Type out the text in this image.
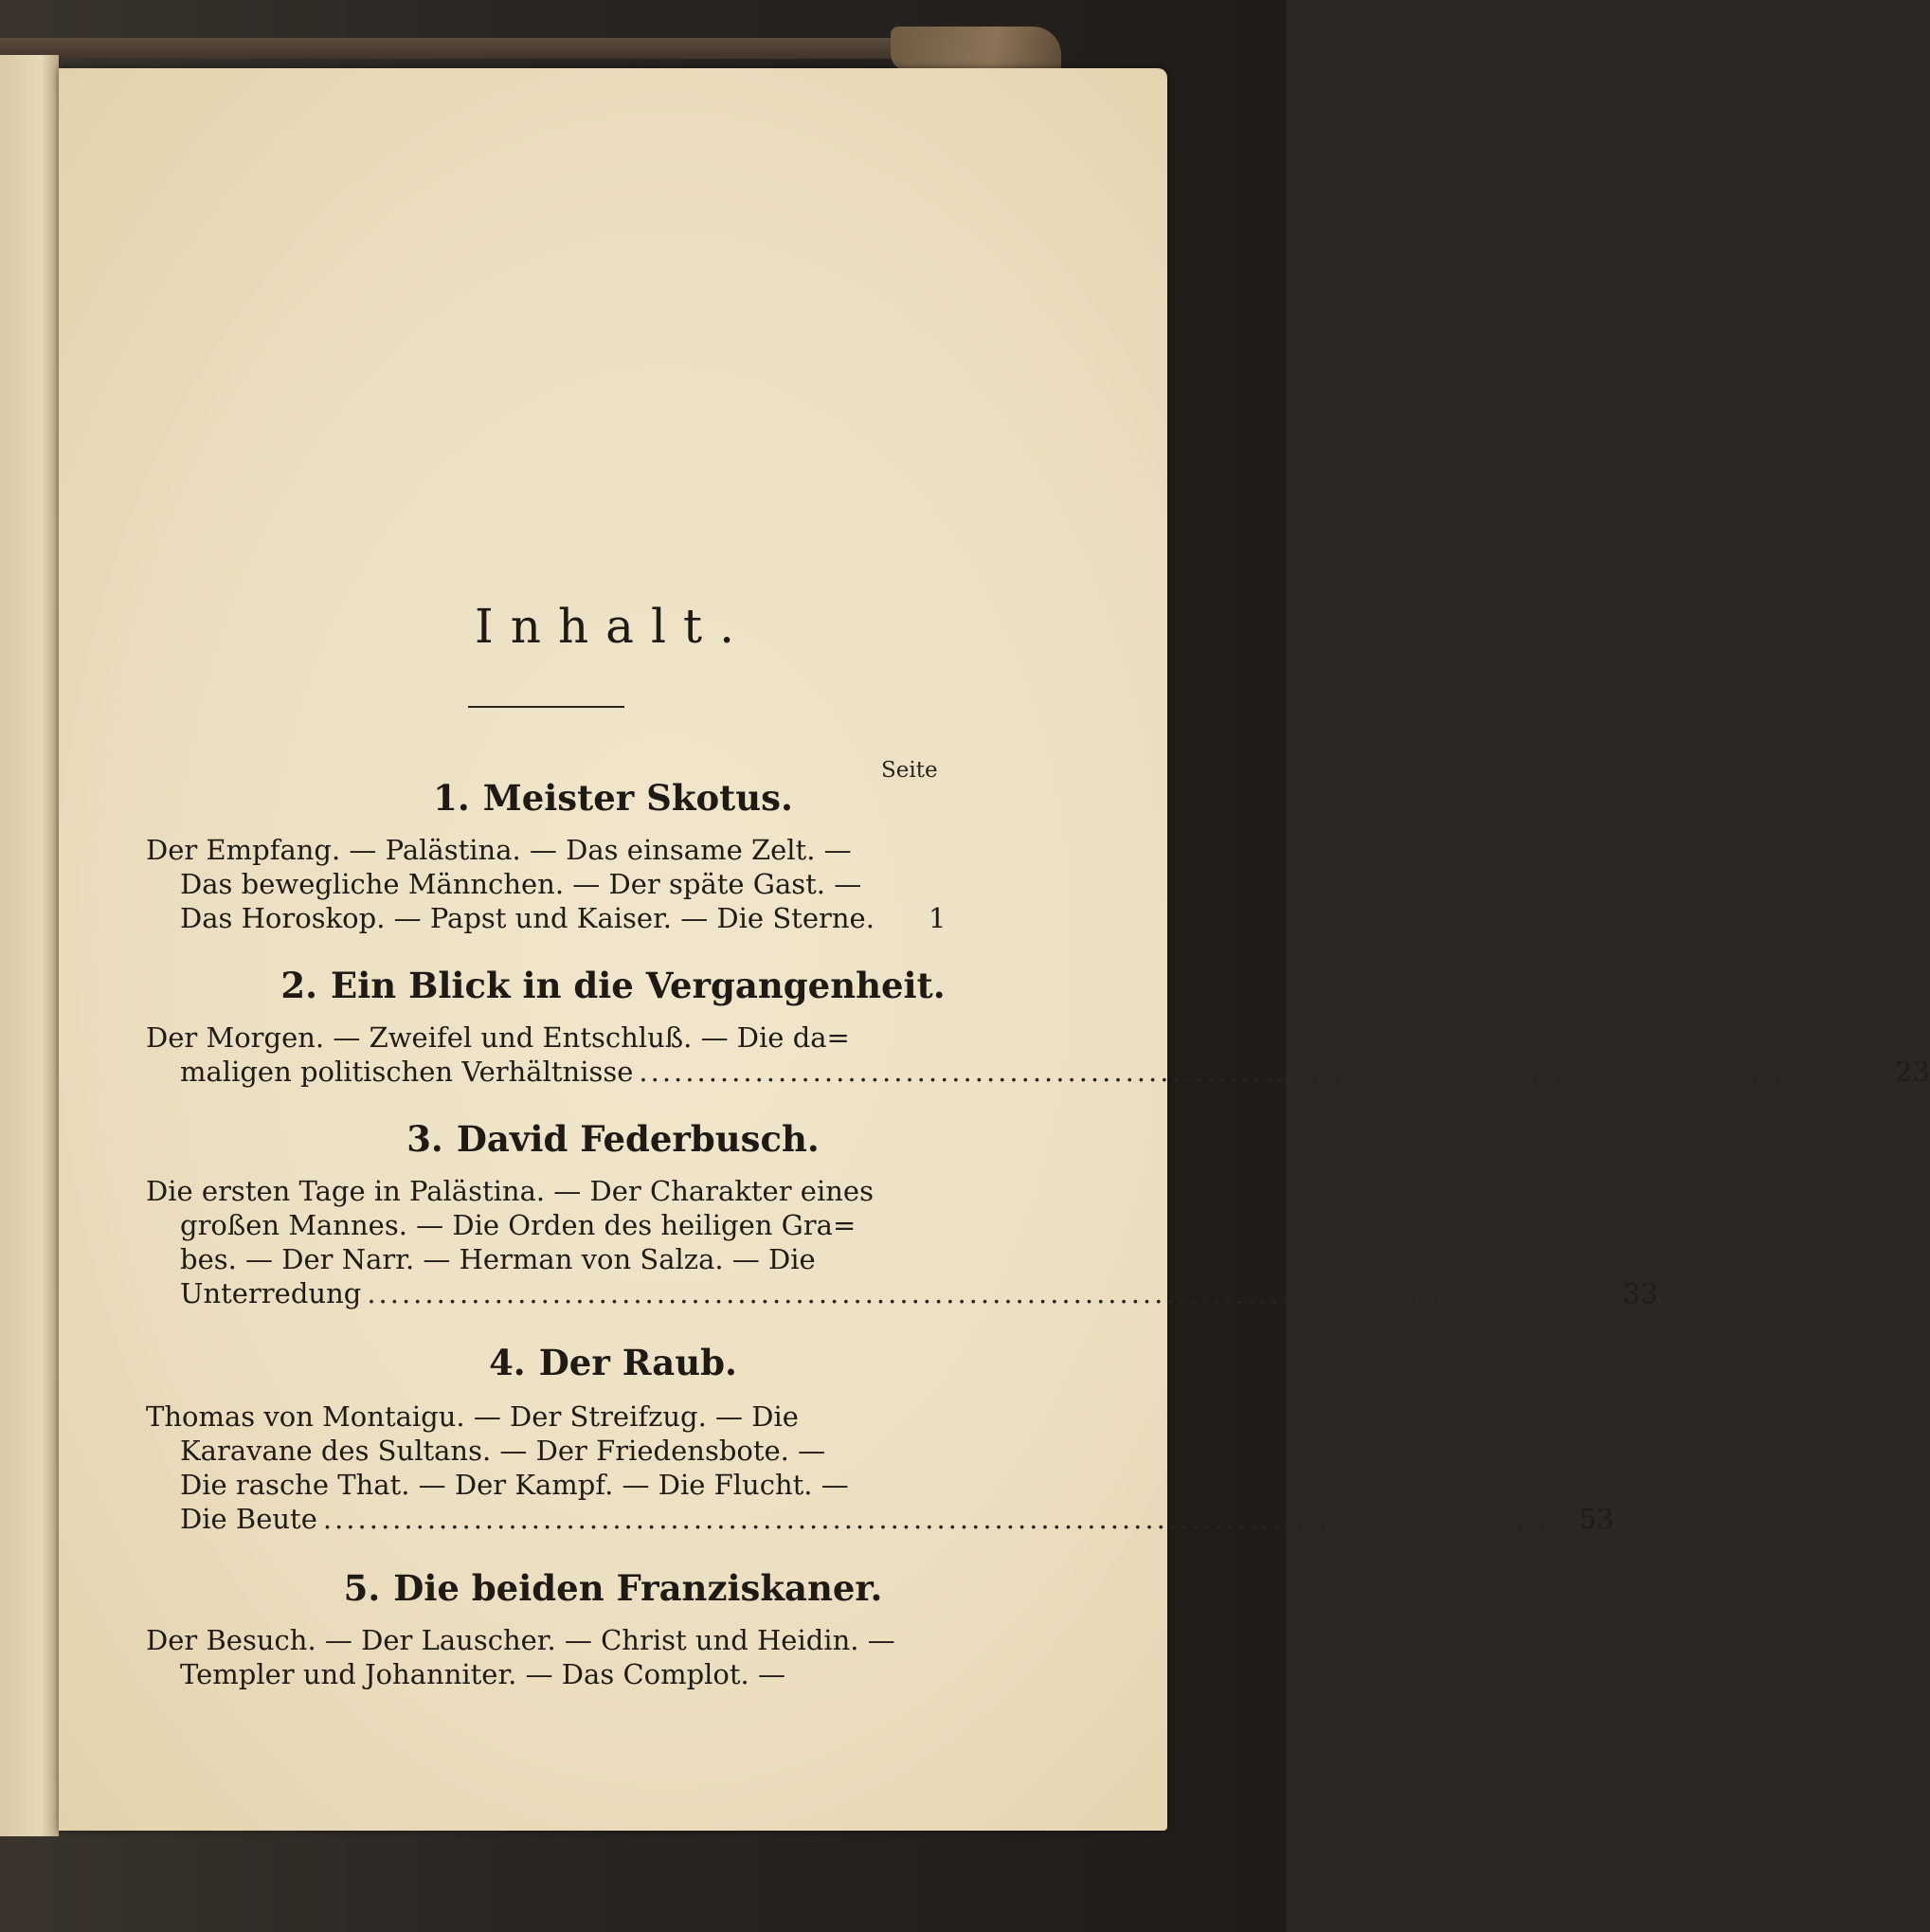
Inhalt.
Seite
1. Meister Skotus.
Der Empfang. — Palästina. — Das einsame Zelt. —
Das bewegliche Männchen. — Der späte Gast. —
Das Horoskop. — Papst und Kaiser. — Die Sterne.	1
2. Ein Blick in die Vergangenheit.
Der Morgen. — Zweifel und Entschluß. — Die da=
maligen politischen Verhältnisse ............................................................................................................ 23
3. David Federbusch.
Die ersten Tage in Palästina. — Der Charakter eines
großen Mannes. — Die Orden des heiligen Gra=
bes. — Der Narr. — Herman von Salza. — Die
Unterredung ............................................................................................................ 33
4. Der Raub.
Thomas von Montaigu. — Der Streifzug. — Die
Karavane des Sultans. — Der Friedensbote. —
Die rasche That. — Der Kampf. — Die Flucht. —
Die Beute ............................................................................................................ 53
5. Die beiden Franziskaner.
Der Besuch. — Der Lauscher. — Christ und Heidin. —
Templer und Johanniter. — Das Complot. —
